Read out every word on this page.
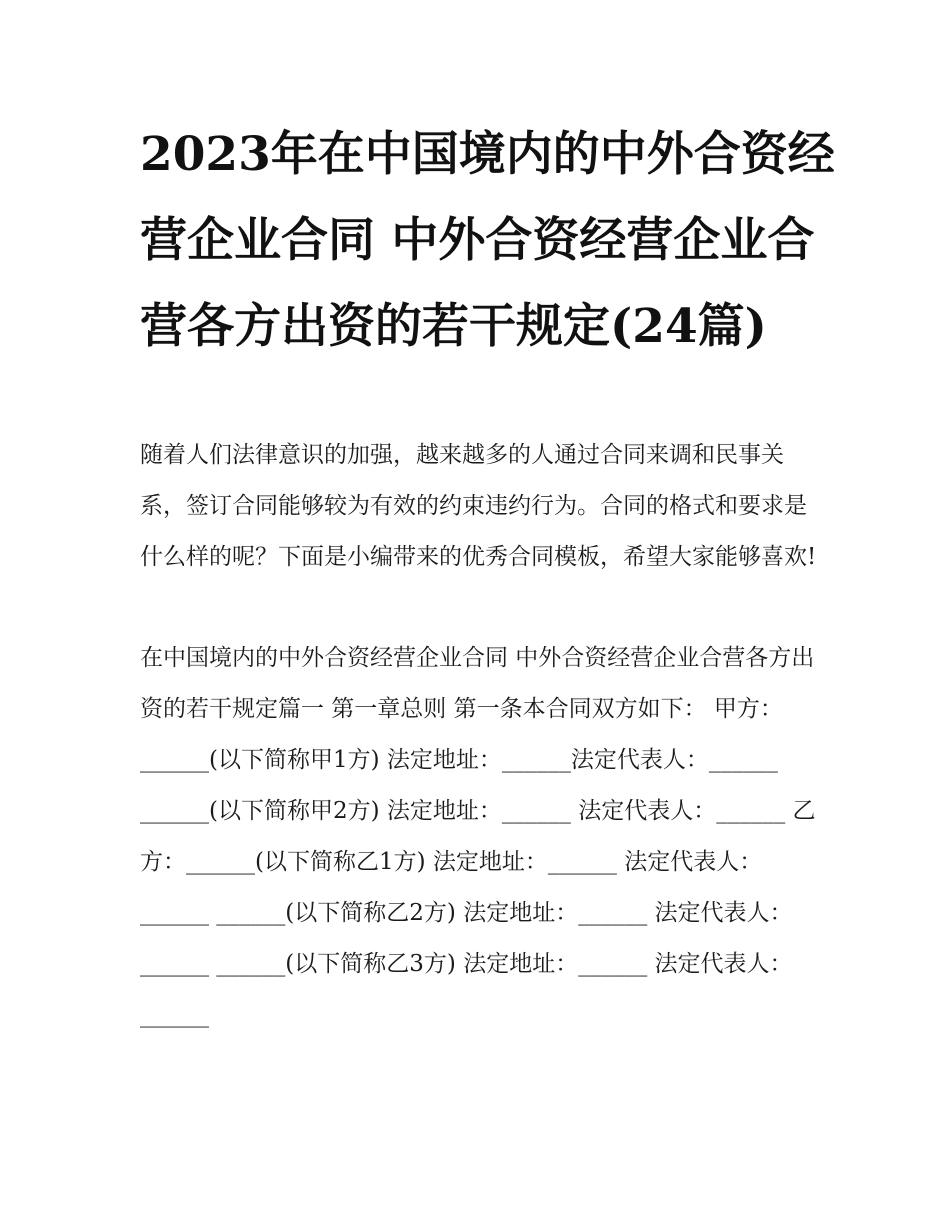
2023年在中国境内的中外合资经营企业合同 中外合资经营企业合营各方出资的若干规定(24篇)

随着人们法律意识的加强，越来越多的人通过合同来调和民事关系，签订合同能够较为有效的约束违约行为。合同的格式和要求是什么样的呢？下面是小编带来的优秀合同模板，希望大家能够喜欢!

在中国境内的中外合资经营企业合同 中外合资经营企业合营各方出资的若干规定篇一 第一章总则 第一条本合同双方如下： 甲方：______(以下简称甲1方) 法定地址：______法定代表人：______ ______(以下简称甲2方) 法定地址：______ 法定代表人：______ 乙方：______(以下简称乙1方) 法定地址：______ 法定代表人：______ ______(以下简称乙2方) 法定地址：______ 法定代表人：______ ______(以下简称乙3方) 法定地址：______ 法定代表人：______
